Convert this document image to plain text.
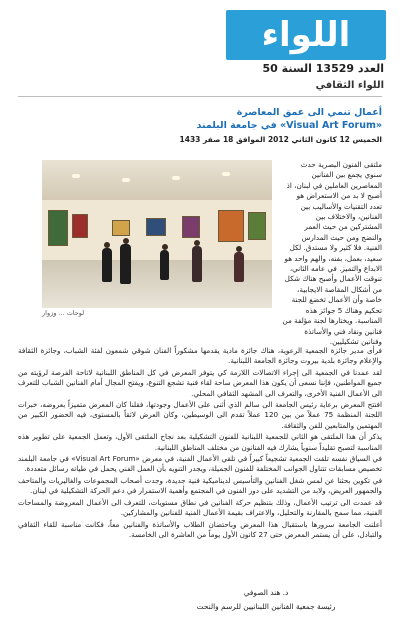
اللواء
العدد 13529 السنة 50
اللواء الثقافي
أعمال تنمي الى عمق المعاصرة
«Visual Art Forum» في جامعة البلمند
الخميس 12 كانون الثاني 2012 الموافق 18 صفر 1433
لوحات ... وزوار
ملتقى الفنون البصرية حدث سنوي يجمع بين الفنانين المعاصرين العاملين في لبنان، اذ أصبح لا بد من الاستعراض هو تعدد التقنيات والأساليب بين الفنانين، والاختلاف بين المشتركين من حيث العمر والنضج ومن حيث المدارس الفنية. فلا كثير ولا مستدق. لكل سعيد، بعمل، بفنه، والهم واحد هو الابداع والتميز. في عامه الثاني، تنوقت الأعمال وأصبح هناك شكل من أشكال المقاصة الايجابية، خاصة وأن الأعمال تخضع للجنة تحكيم وهناك 5 جوائز هذه المناسبة. ويختارها لجنة مؤلفة من فنانين ونقاد فني والأساتذة وفنانين تشكيليين.

فرأى مدير جائزة الجمعية الرعوية، هناك جائزة مادية يقدمها مشكوراً الفنان شوقي شمعون لفئة الشباب، وجائزة الثقافة والإعلام وجائزة بلدية بيروت وجائزة الجامعة اللبنانية.

لقد عمدنا في الجمعية الى إجراء الاتصالات اللازمة كي يتوفر المعرض في كل المناطق اللبنانية لاتاحة الفرصة لرؤيته من جميع المواطنين، فإننا نسعى أن يكون هذا المعرض ساحة لقاء فنية تشجع التنوع، ويفتح المجال أمام الفنانين الشباب للتعرف الى الأعمال الفنية الأخرى، والتعرف الى المشهد الثقافي المحلي.

افتتح المعرض برعاية رئيس الجامعة الى سالم الذي أثنى على الأعمال وجودتها، فقلنا كان المعرض متميزاً بعروضه، خبرات اللجنة المنظمة 75 عملاً من بين 120 عملاً تقدم الى الوسيطين، وكان العرض لائقاً بالمستوى، فيه الحضور الكبير من المهتمين والمتابعين للفن والثقافة.

يذكر أن هذا الملتقى هو الثاني للجمعية اللبنانية للفنون التشكيلية بعد نجاح الملتقى الأول، وتعمل الجمعية على تطوير هذه المناسبة لتصبح تقليداً سنوياً يشارك فيه الفنانون من مختلف المناطق اللبنانية.

في السياق نفسه تلقت الجمعية تشجيعاً كبيراً في تلقي الأعمال الفنية، في معرض «Visual Art Forum» في جامعة البلمند تخصيص مسابقات تتناول الجوانب المختلفة للفنون الجميلة، ويجدر التنويه بأن العمل الفني يحمل في طياته رسائل متعددة.

في تكوين بحثنا عن لمس شغل الفنانين والتأسيس لديناميكية فنية جديدة، وجدت أصحاب المجموعات والغاليريات والمتاحف والجمهور العريض، ولابد من التشديد على دور الفنون في المجتمع وأهمية الاستمرار في دعم الحركة التشكيلية في لبنان.

قد عمدت الى ترتيب الأعمال، وذلك بتنظيم حركة الفنانين في نطاق مستويات، للتعرف الى الأعمال المعروضة والمساحات الفنية، مما سمح بالمقارنة والتحليل، والاعتراف بقيمة الأعمال الفنية للفنانين والمشاركين.

أعلنت الجامعة سرورها باستقبال هذا المعرض وباحتضان الطلاب والأساتذة والفنانين معاً، فكانت مناسبة للقاء الثقافي والتبادل، على أن يستمر المعرض حتى 27 كانون الأول يوماً من العاشرة الى الخامسة.

د. هند الصوفي
رئيسة جمعية الفنانين اللبنانيين للرسم والنحت
